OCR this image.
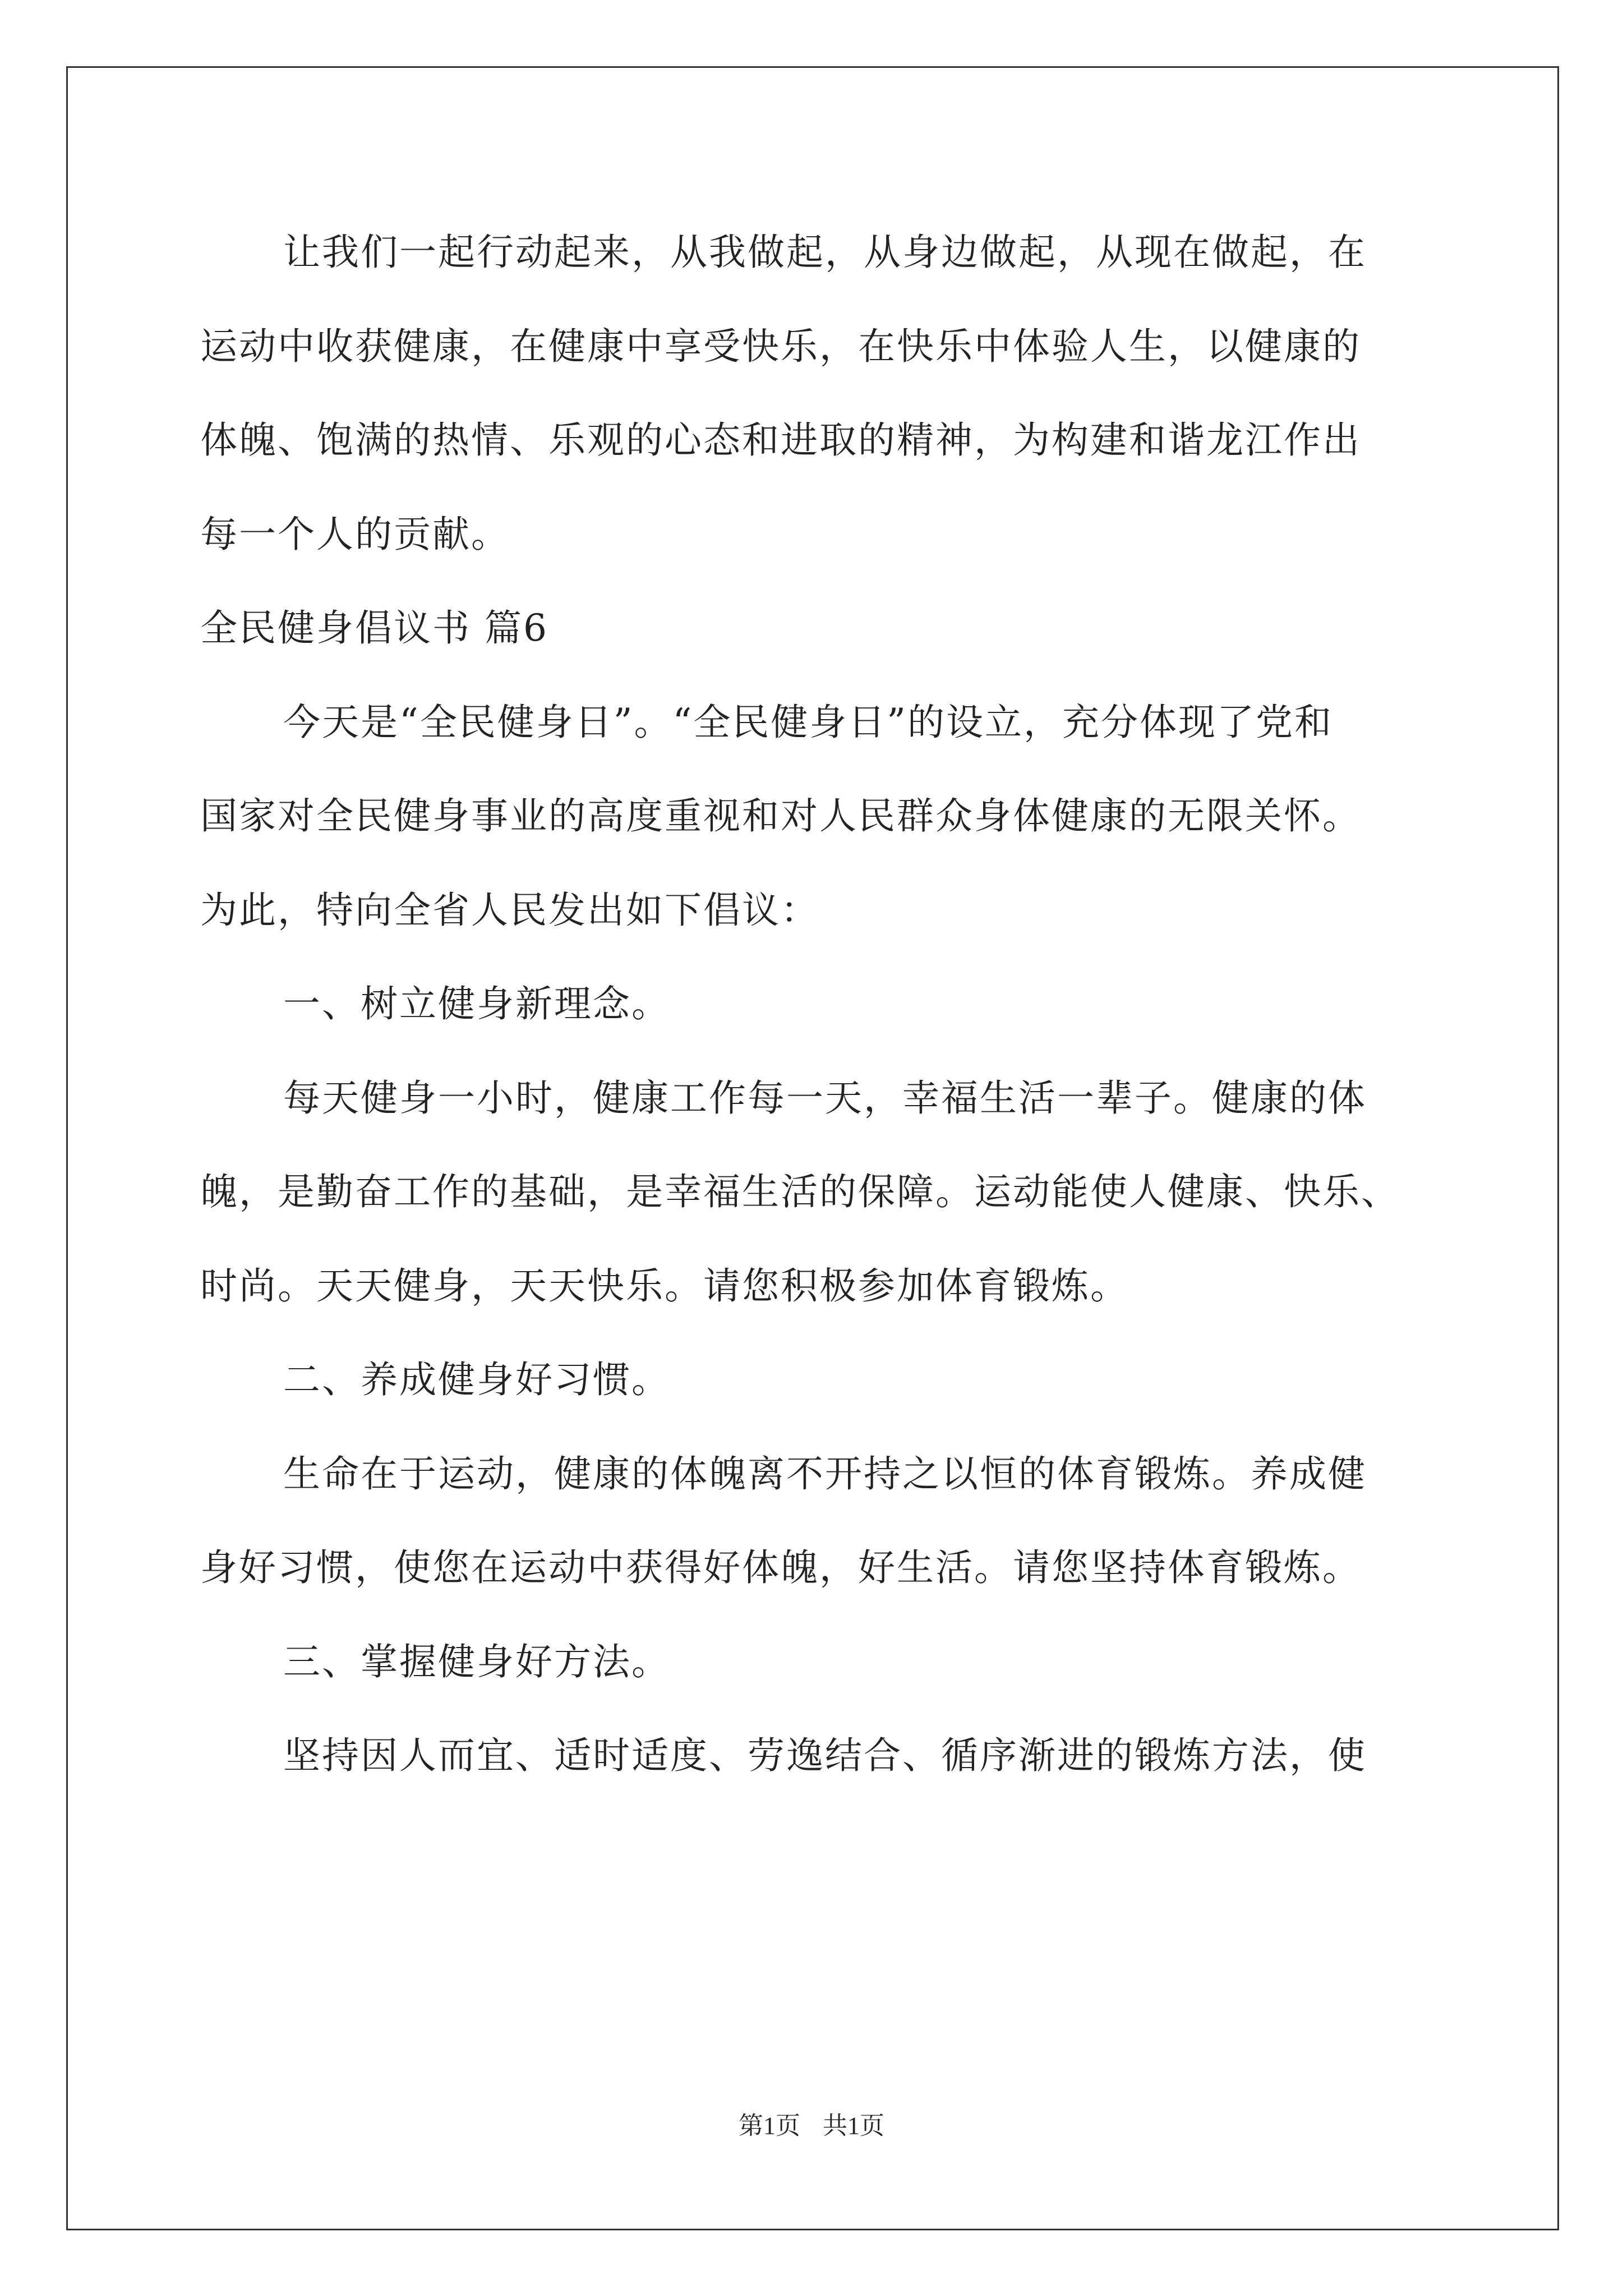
让我们一起行动起来，从我做起，从身边做起，从现在做起，在
运动中收获健康，在健康中享受快乐，在快乐中体验人生，以健康的
体魄、饱满的热情、乐观的心态和进取的精神，为构建和谐龙江作出
每一个人的贡献。
全民健身倡议书 篇6
今天是“全民健身日”。“全民健身日”的设立，充分体现了党和
国家对全民健身事业的高度重视和对人民群众身体健康的无限关怀。
为此，特向全省人民发出如下倡议：
一、树立健身新理念。
每天健身一小时，健康工作每一天，幸福生活一辈子。健康的体
魄，是勤奋工作的基础，是幸福生活的保障。运动能使人健康、快乐、
时尚。天天健身，天天快乐。请您积极参加体育锻炼。
二、养成健身好习惯。
生命在于运动，健康的体魄离不开持之以恒的体育锻炼。养成健
身好习惯，使您在运动中获得好体魄，好生活。请您坚持体育锻炼。
三、掌握健身好方法。
坚持因人而宜、适时适度、劳逸结合、循序渐进的锻炼方法，使
第1页 共1页
